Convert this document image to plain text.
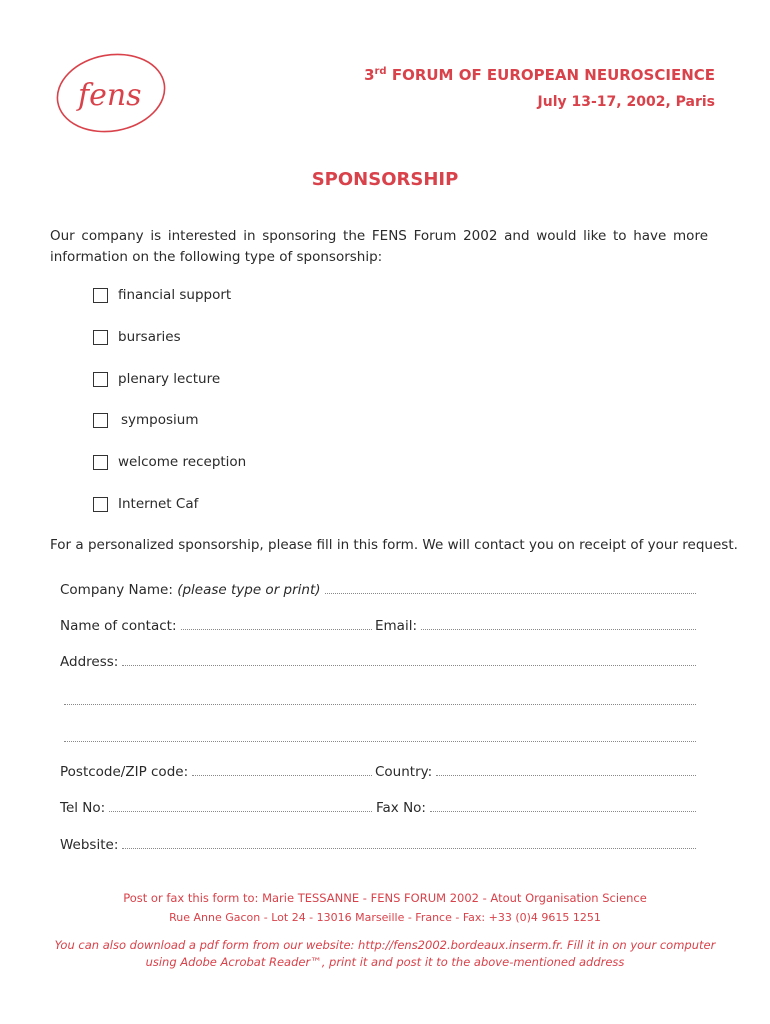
fens
3rd FORUM OF EUROPEAN NEUROSCIENCE
July 13-17, 2002, Paris
SPONSORSHIP
Our company is interested in sponsoring the FENS Forum 2002 and would like to have more information on the following type of sponsorship:
financial support
bursaries
plenary lecture
symposium
welcome reception
Internet Caf
For a personalized sponsorship, please fill in this form. We will contact you on receipt of your request.
Company Name: (please type or print)
Name of contact:	Email:
Address:
Postcode/ZIP code:	Country:
Tel No:	Fax No:
Website:
Post or fax this form to: Marie TESSANNE - FENS FORUM 2002 - Atout Organisation Science
Rue Anne Gacon - Lot 24 - 13016 Marseille - France - Fax: +33 (0)4 9615 1251
You can also download a pdf form from our website: http://fens2002.bordeaux.inserm.fr. Fill it in on your computer
using Adobe Acrobat Reader™, print it and post it to the above-mentioned address
